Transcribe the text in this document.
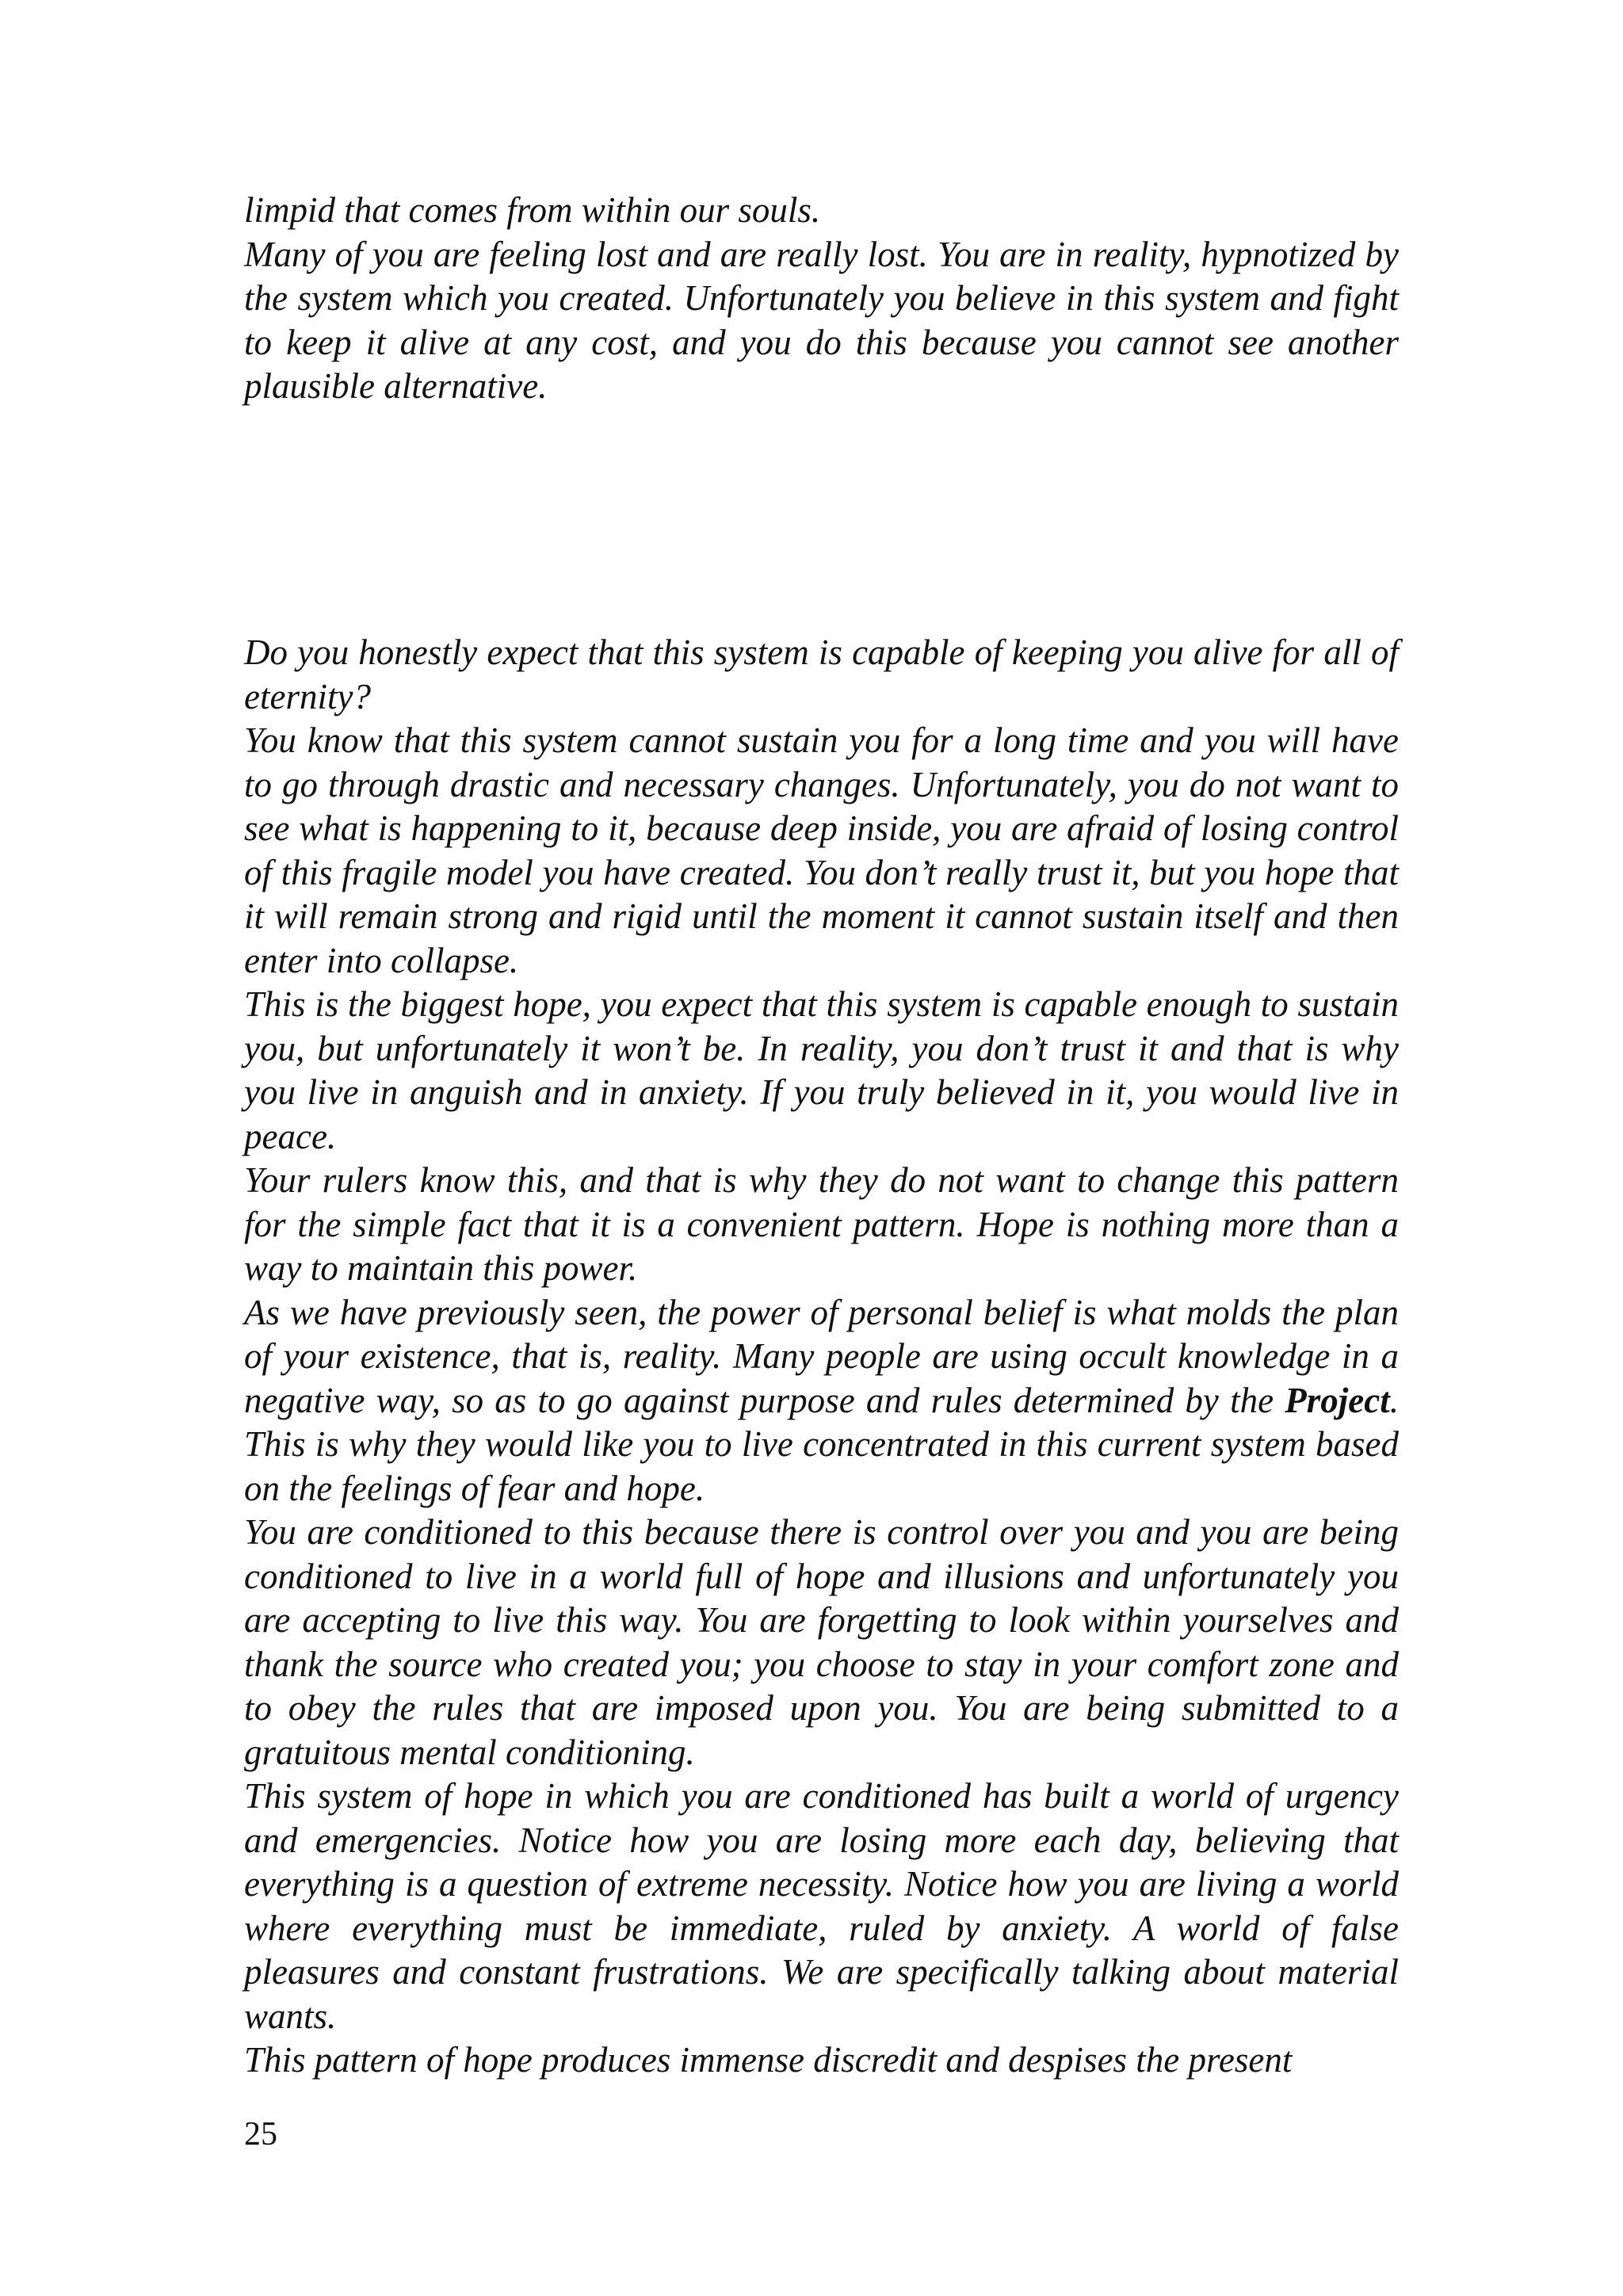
limpid that comes from within our souls.

Many of you are feeling lost and are really lost. You are in reality, hypnotized by the system which you created. Unfortunately you believe in this system and fight to keep it alive at any cost, and you do this because you cannot see another plausible alternative.

Do you honestly expect that this system is capable of keeping you alive for all of eternity?

You know that this system cannot sustain you for a long time and you will have to go through drastic and necessary changes. Unfortunately, you do not want to see what is happening to it, because deep inside, you are afraid of losing control of this fragile model you have created. You don’t really trust it, but you hope that it will remain strong and rigid until the moment it cannot sustain itself and then enter into collapse.

This is the biggest hope, you expect that this system is capable enough to sustain you, but unfortunately it won’t be. In reality, you don’t trust it and that is why you live in anguish and in anxiety. If you truly believed in it, you would live in peace.

Your rulers know this, and that is why they do not want to change this pattern for the simple fact that it is a convenient pattern. Hope is nothing more than a way to maintain this power.

As we have previously seen, the power of personal belief is what molds the plan of your existence, that is, reality. Many people are using occult knowledge in a negative way, so as to go against purpose and rules determined by the Project. This is why they would like you to live concentrated in this current system based on the feelings of fear and hope.

You are conditioned to this because there is control over you and you are being conditioned to live in a world full of hope and illusions and unfortunately you are accepting to live this way. You are forgetting to look within yourselves and thank the source who created you; you choose to stay in your comfort zone and to obey the rules that are imposed upon you. You are being submitted to a gratuitous mental conditioning.

This system of hope in which you are conditioned has built a world of urgency and emergencies. Notice how you are losing more each day, believing that everything is a question of extreme necessity. Notice how you are living a world where everything must be immediate, ruled by anxiety. A world of false pleasures and constant frustrations. We are specifically talking about material wants.

This pattern of hope produces immense discredit and despises the present

25
